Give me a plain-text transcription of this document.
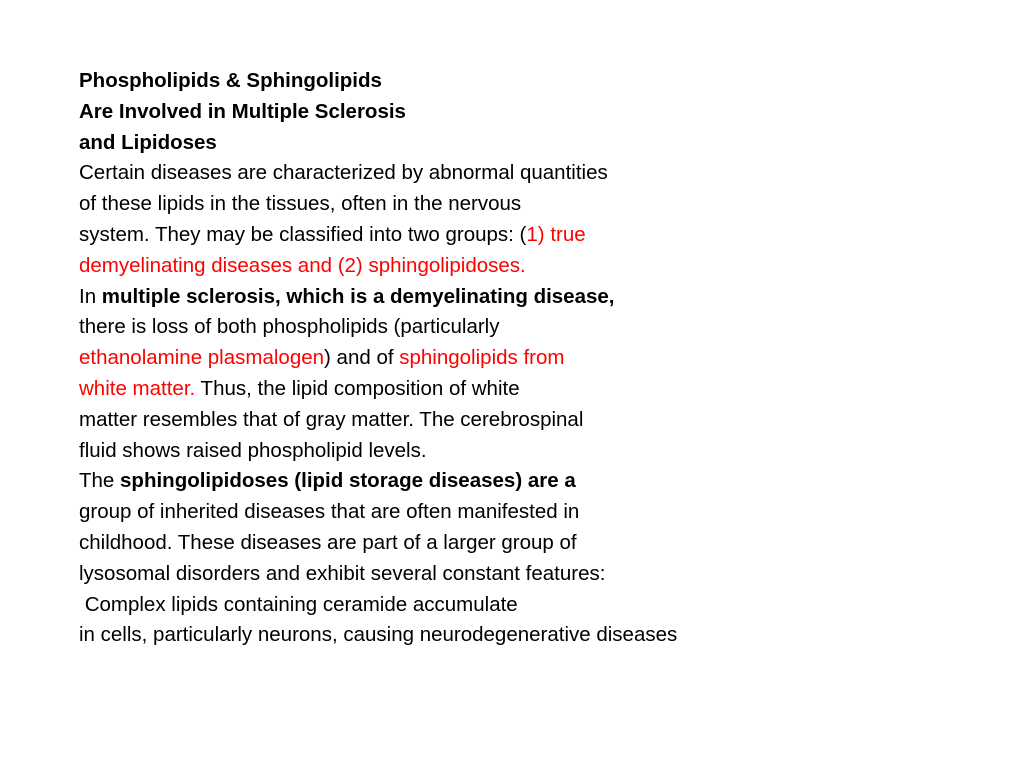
Phospholipids & Sphingolipids
Are Involved in Multiple Sclerosis
and Lipidoses
Certain diseases are characterized by abnormal quantities
of these lipids in the tissues, often in the nervous
system. They may be classified into two groups: (1) true
demyelinating diseases and (2) sphingolipidoses.
In multiple sclerosis, which is a demyelinating disease,
there is loss of both phospholipids (particularly
ethanolamine plasmalogen) and of sphingolipids from
white matter. Thus, the lipid composition of white
matter resembles that of gray matter. The cerebrospinal
fluid shows raised phospholipid levels.
The sphingolipidoses (lipid storage diseases) are a
group of inherited diseases that are often manifested in
childhood. These diseases are part of a larger group of
lysosomal disorders and exhibit several constant features:
Complex lipids containing ceramide accumulate
in cells, particularly neurons, causing neurodegenerative diseases
